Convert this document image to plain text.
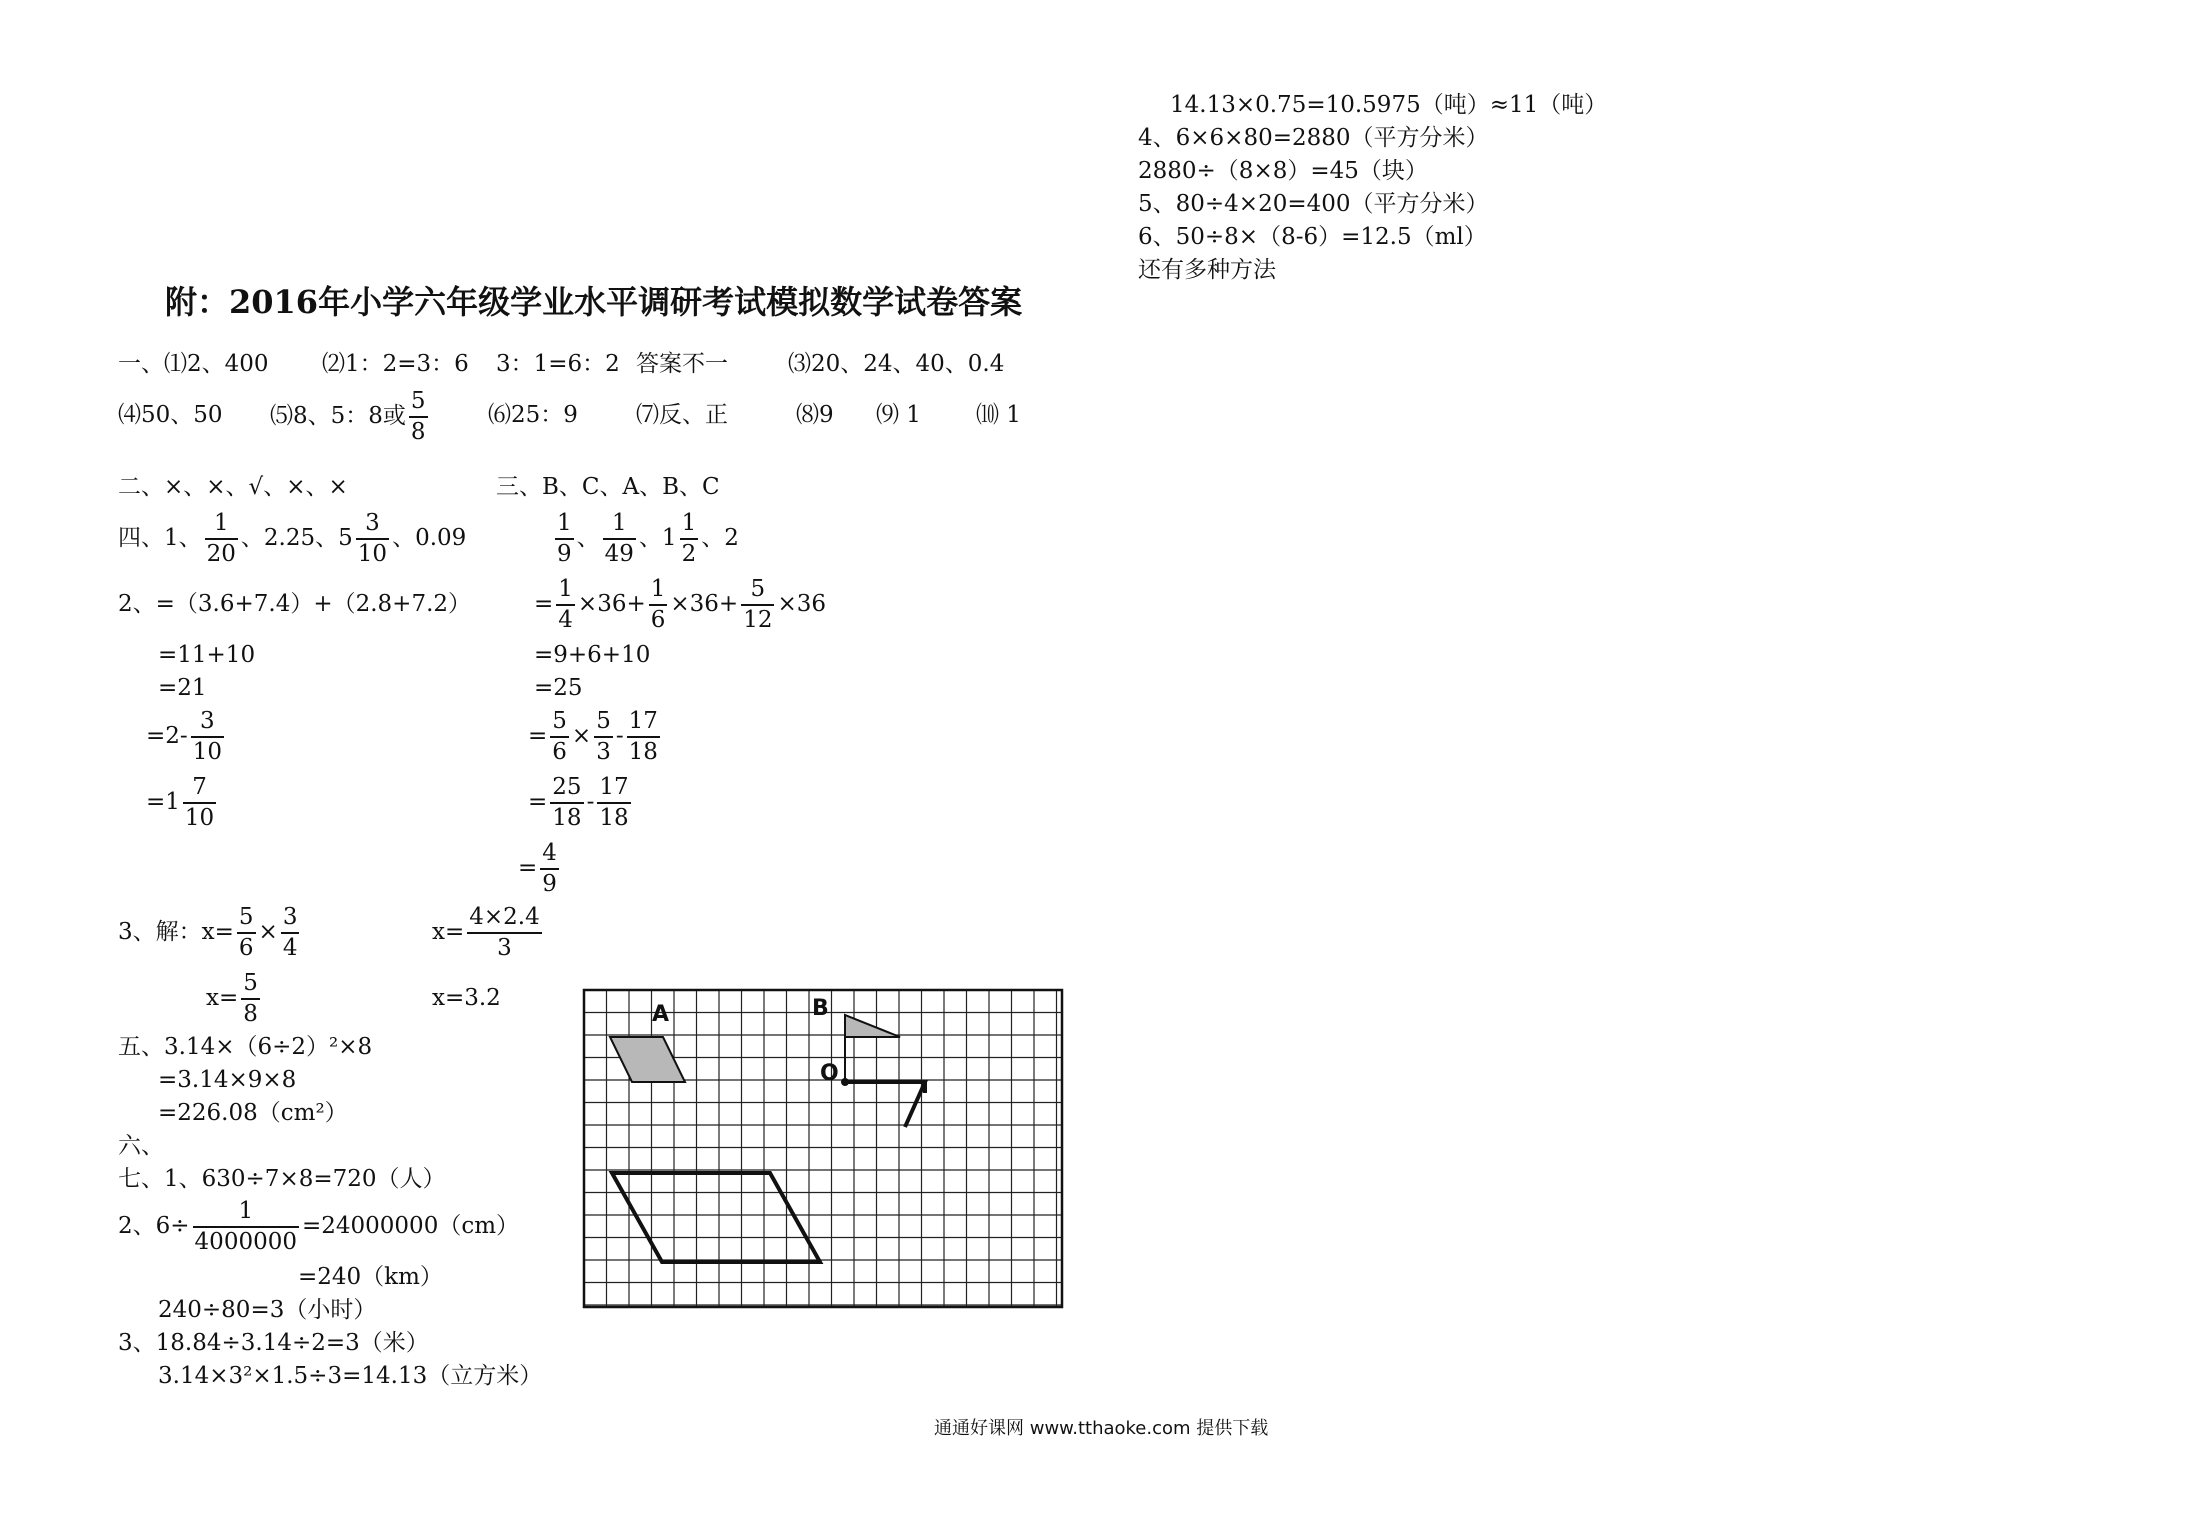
14.13×0.75=10.5975（吨）≈11（吨）
4、6×6×80=2880（平方分米）
2880÷（8×8）=45（块）
5、80÷4×20=400（平方分米）
6、50÷8×（8-6）=12.5（ml）
还有多种方法
附：2016年小学六年级学业水平调研考试模拟数学试卷答案
一、⑴2、400 ⑵1：2=3：6 3：1=6：2 答案不一	⑶20、24、40、0.4
⑷50、50 ⑸8、5：8或 $\frac{5}{8}$	⑹25：9	⑺反、正	⑻9 ⑼ 1 ⑽ 1
二、×、×、√、×、×	三、B、C、A、B、C
四、1、 $\frac{1}{20}$ 、2.25、$5 \frac{3}{10}$ 、0.09	$\frac{1}{9}$ 、 $\frac{1}{49}$ 、$1 \frac{1}{2}$ 、2
2、=（3.6+7.4）+（2.8+7.2）
=11+10
=21
$=2- \frac{3}{10}$
$=1 \frac{7}{10}$
= $\frac{1}{4} \times 36+ \frac{1}{6} \times 36+ \frac{5}{12} \times 36$
=9+6+10
=25
= $\frac{5}{6} \times \frac{5}{3} - \frac{17}{18}$
= $\frac{25}{18} - \frac{17}{18}$
= $\frac{4}{9}$
3、解：$x= \frac{5}{6} \times \frac{3}{4}$
$x= \frac{5}{8}$
$x= \frac{4\times 2.4}{3}$
x=3.2
五、3.14×（6÷2）²×8
=3.14×9×8
=226.08（cm²）
六、
七、1、630÷7×8=720（人）
2、$6\div \frac{1}{4000000} =24000000(cm)$
=240（km）
240÷80=3（小时）
3、18.84÷3.14÷2=3（米）
3.14×3²×1.5÷3=14.13（立方米）
A	B
O
通通好课网 www.tthaoke.com 提供下载
